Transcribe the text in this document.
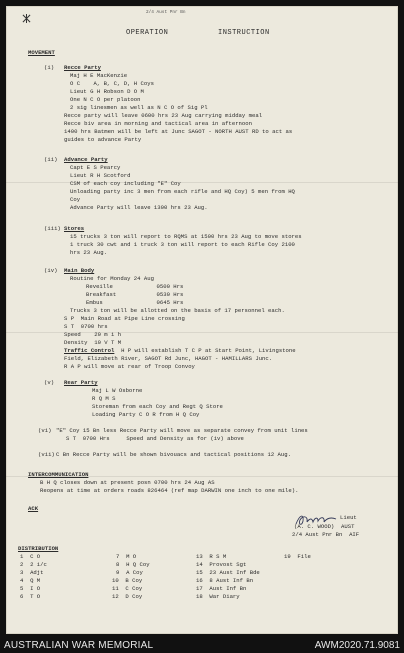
2/4 Aust Pnr Bn
OPERATION	INSTRUCTION
MOVEMENT
(i) Recce Party
Maj H E MacKenzie
O C    A, B, C, D, H Coys
Lieut G H Robson D O M
One N C O per platoon
2 sig linesmen as well as N C O of Sig Pl
Recce party will leave 0600 hrs 23 Aug carrying midday meal
Recce biv area in morning and tactical area in afternoon
1400 hrs Batmen will be left at Junc SAGOT - NORTH AUST RD to act as
guides to advance Party
(ii) Advance Party
Capt E S Pearcy
Lieut R H Scotford
CSM of each coy including "E" Coy
Unloading party inc 3 men from each rifle and HQ Coy) 5 men from HQ
Coy
Advance Party will leave 1300 hrs 23 Aug.
(iii) Stores
15 trucks 3 ton will report to RQMS at 1500 hrs 23 Aug to move stores
1 truck 30 cwt and 1 truck 3 ton will report to each Rifle Coy 2100
hrs 23 Aug.
(iv) Main Body
Routine for Monday 24 Aug
Reveille             0500 Hrs
Breakfast            0530 Hrs
Embus                0645 Hrs
Trucks 3 ton will be allotted on the basis of 17 personnel each.
S P  Main Road at Pipe Line crossing
S T  0700 hrs
Speed    20 m i h
Density  10 V T M
Traffic Control  H P will establish T C P at Start Point, Livingstone
Field, Elizabeth River, SAGOT Rd Junc, HAGOT - HAMILLARS Junc.
R A P will move at rear of Troop Convoy
(v) Rear Party
Maj L W Osborne
R Q M S
Storeman from each Coy and Regt Q Store
Loading Party C O R from H Q Coy
(vi) "E" Coy 15 Bn less Recce Party will move as separate convey from unit lines
S T  0700 Hrs     Speed and Density as for (iv) above
(vii) C Bn Recce Party will be shown bivouacs and tactical positions 12 Aug.
INTERCOMMUNICATION
B H Q closes down at present posn 0700 hrs 24 Aug AS
Reopens at time at orders roads 826464 (ref map DARWIN one inch to one mile).
ACK
Lieut
(A. C. WOOD)  AUST
2/4 Aust Pnr Bn  AIF
DISTRIBUTION
1  C O
2  2 i/c
3  Adjt
4  Q M
5  I O
6  T O
7  M O
8  H Q Coy
9  A Coy
10  B Coy
11  C Coy
12  D Coy
13  R S M
14  Provost Sgt
15  23 Aust Inf Bde
16  8 Aust Inf Bn
17  Aust Inf Bn
18  War Diary
19  File
AUSTRALIAN WAR MEMORIAL	AWM2020.71.9081
